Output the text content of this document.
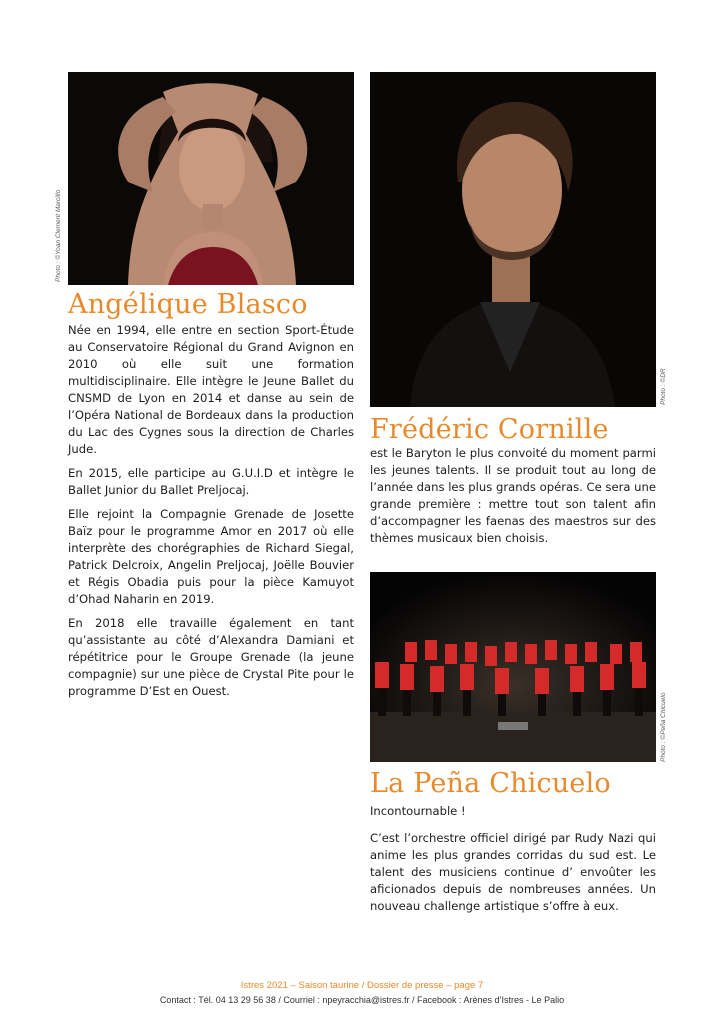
Photo : ©Yoan Clement Marcillo
Photo : ©DR
Photo : ©Peña Chicuelo
Angélique Blasco

Née en 1994, elle entre en section Sport-Étude au Conservatoire Régional du Grand Avignon en 2010 où elle suit une formation multidisciplinaire. Elle intègre le Jeune Ballet du CNSMD de Lyon en 2014 et danse au sein de l’Opéra National de Bordeaux dans la production du Lac des Cygnes sous la direction de Charles Jude.

En 2015, elle participe au G.U.I.D et intègre le Ballet Junior du Ballet Preljocaj.

Elle rejoint la Compagnie Grenade de Josette Baïz pour le programme Amor en 2017 où elle interprète des chorégraphies de Richard Siegal, Patrick Delcroix, Angelin Preljocaj, Joëlle Bouvier et Régis Obadia puis pour la pièce Kamuyot d’Ohad Naharin en 2019.

En 2018 elle travaille également en tant qu’assistante au côté d’Alexandra Damiani et répétitrice pour le Groupe Grenade (la jeune compagnie) sur une pièce de Crystal Pite pour le programme D’Est en Ouest.

Frédéric Cornille

est le Baryton le plus convoité du moment parmi les jeunes talents. Il se produit tout au long de l’année dans les plus grands opéras. Ce sera une grande première : mettre tout son talent afin d’accompagner les faenas des maestros sur des thèmes musicaux bien choisis.

La Peña Chicuelo

Incontournable !

C’est l’orchestre officiel dirigé par Rudy Nazi qui anime les plus grandes corridas du sud est. Le talent des musiciens continue d’ envoûter les aficionados depuis de nombreuses années. Un nouveau challenge artistique s’offre à eux.

Istres 2021 – Saison taurine / Dossier de presse – page 7
Contact : Tél. 04 13 29 56 38 / Courriel : npeyracchia@istres.fr / Facebook : Arènes d’Istres - Le Palio
